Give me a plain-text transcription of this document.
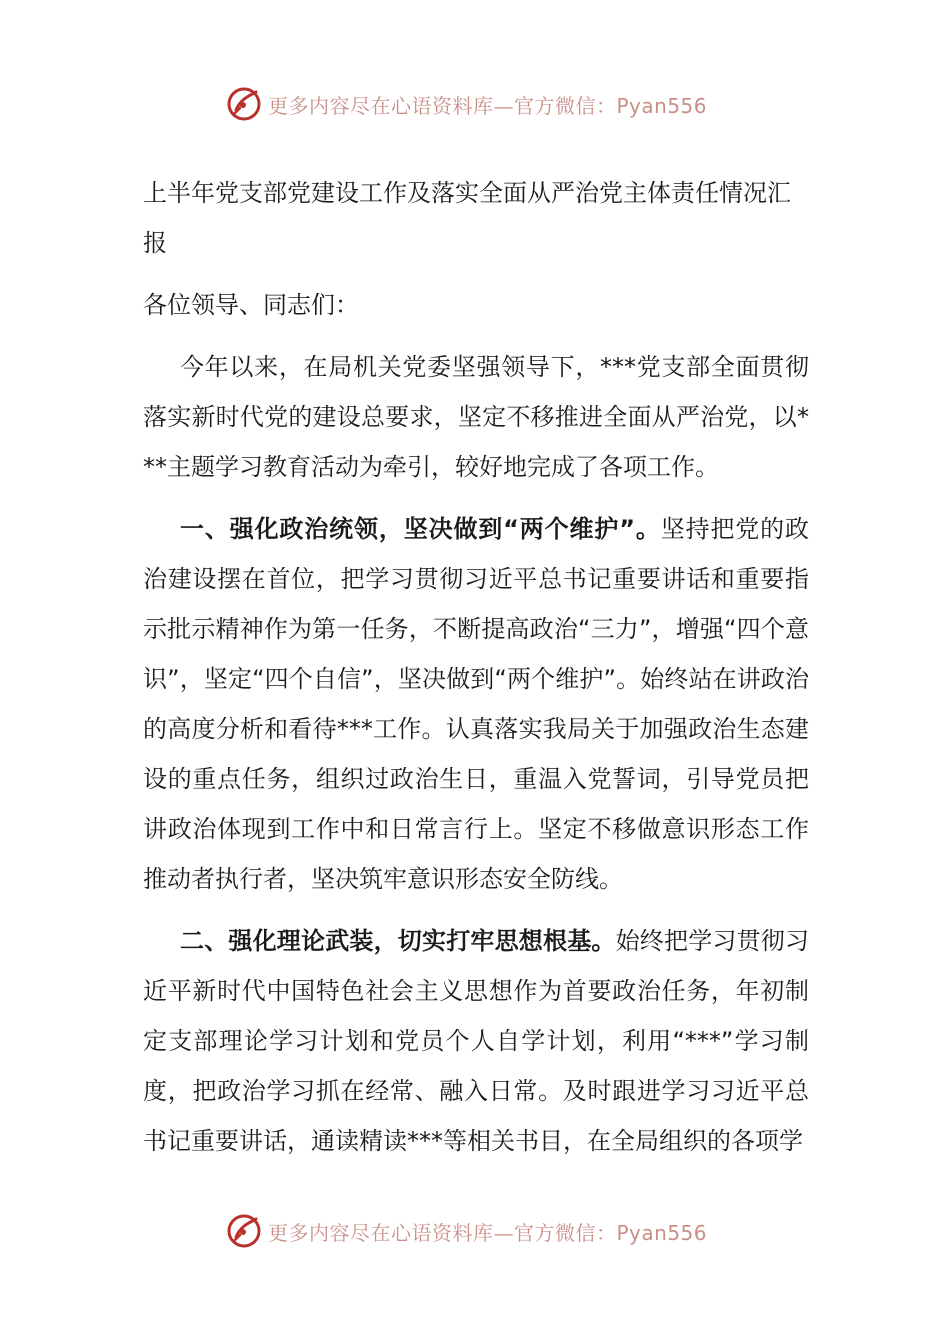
更多内容尽在心语资料库—官方微信：Pyan556
上半年党支部党建设工作及落实全面从严治党主体责任情况汇报

各位领导、同志们：

今年以来，在局机关党委坚强领导下，***党支部全面贯彻落实新时代党的建设总要求，坚定不移推进全面从严治党，以***主题学习教育活动为牵引，较好地完成了各项工作。

一、强化政治统领，坚决做到“两个维护”。坚持把党的政治建设摆在首位，把学习贯彻习近平总书记重要讲话和重要指示批示精神作为第一任务，不断提高政治“三力”，增强“四个意识”，坚定“四个自信”，坚决做到“两个维护”。始终站在讲政治的高度分析和看待***工作。认真落实我局关于加强政治生态建设的重点任务，组织过政治生日，重温入党誓词，引导党员把讲政治体现到工作中和日常言行上。坚定不移做意识形态工作推动者执行者，坚决筑牢意识形态安全防线。

二、强化理论武装，切实打牢思想根基。始终把学习贯彻习近平新时代中国特色社会主义思想作为首要政治任务，年初制定支部理论学习计划和党员个人自学计划，利用“***”学习制度，把政治学习抓在经常、融入日常。及时跟进学习习近平总书记重要讲话，通读精读***等相关书目，在全局组织的各项学

更多内容尽在心语资料库—官方微信：Pyan556
